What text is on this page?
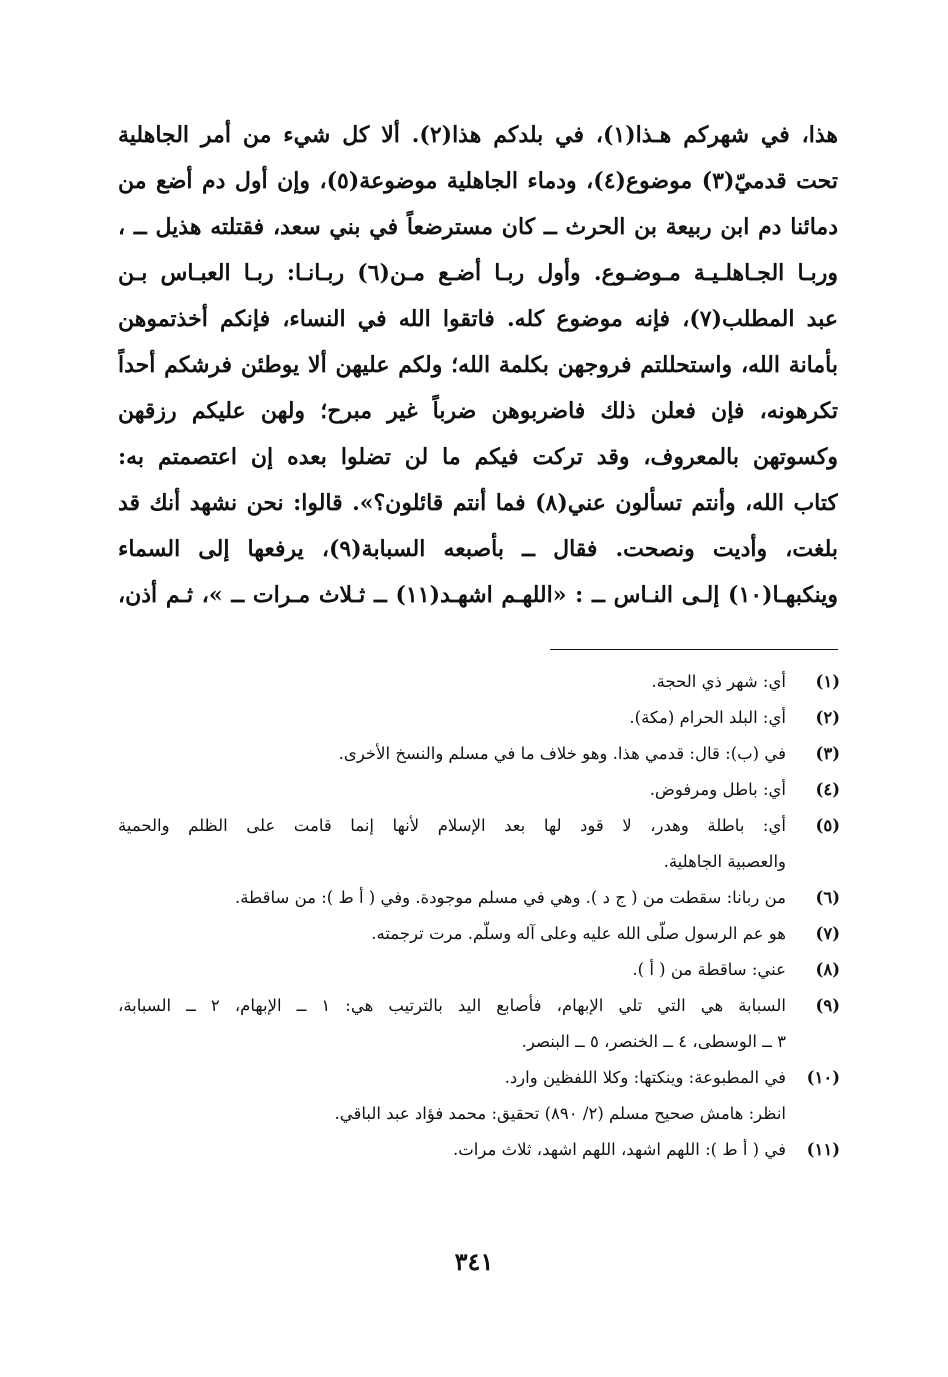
هذا، في شهركم هـذا(١)، في بلدكم هذا(٢). ألا كل شيء من أمر الجاهلية
تحت قدميّ(٣) موضوع(٤)، ودماء الجاهلية موضوعة(٥)، وإن أول دم أضع من
دمائنا دم ابن ربيعة بن الحرث ــ كان مسترضعاً في بني سعد، فقتلته هذيل ــ ،
وربـا الجـاهلـيـة مـوضـوع. وأول ربـا أضـع مـن(٦) ربـانـا: ربـا العبـاس بـن
عبد المطلب(٧)، فإنه موضوع كله. فاتقوا الله في النساء، فإنكم أخذتموهن
بأمانة الله، واستحللتم فروجهن بكلمة الله؛ ولكم عليهن ألا يوطئن فرشكم أحداً
تكرهونه، فإن فعلن ذلك فاضربوهن ضرباً غير مبرح؛ ولهن عليكم رزقهن
وكسوتهن بالمعروف، وقد تركت فيكم ما لن تضلوا بعده إن اعتصمتم به:
كتاب الله، وأنتم تسألون عني(٨) فما أنتم قائلون؟». قالوا: نحن نشهد أنك قد
بلغت، وأديت ونصحت. فقال ــ بأصبعه السبابة(٩)، يرفعها إلى السماء
وينكبهـا(١٠) إلـى النـاس ــ : «اللهـم اشهـد(١١) ــ ثـلاث مـرات ــ »، ثـم أذن،
(١)
أي: شهر ذي الحجة.
(٢)
أي: البلد الحرام (مكة).
(٣)
في (ب): قال: قدمي هذا. وهو خلاف ما في مسلم والنسخ الأخرى.
(٤)
أي: باطل ومرفوض.
(٥)
أي: باطلة وهدر، لا قود لها بعد الإسلام لأنها إنما قامت على الظلم والحمية
والعصبية الجاهلية.
(٦)
من ربانا: سقطت من ( ج د ). وهي في مسلم موجودة. وفي ( أ ط ): من ساقطة.
(٧)
هو عم الرسول صلّى الله عليه وعلى آله وسلّم. مرت ترجمته.
(٨)
عني: ساقطة من ( أ ).
(٩)
السبابة هي التي تلي الإبهام، فأصابع اليد بالترتيب هي: ١ ــ الإبهام، ٢ ــ السبابة،
٣ ــ الوسطى، ٤ ــ الخنصر، ٥ ــ البنصر.
(١٠)
في المطبوعة: وينكتها: وكلا اللفظين وارد.
انظر: هامش صحيح مسلم (٢/ ٨٩٠) تحقيق: محمد فؤاد عبد الباقي.
(١١)
في ( أ ط ): اللهم اشهد، اللهم اشهد، ثلاث مرات.
٣٤١
